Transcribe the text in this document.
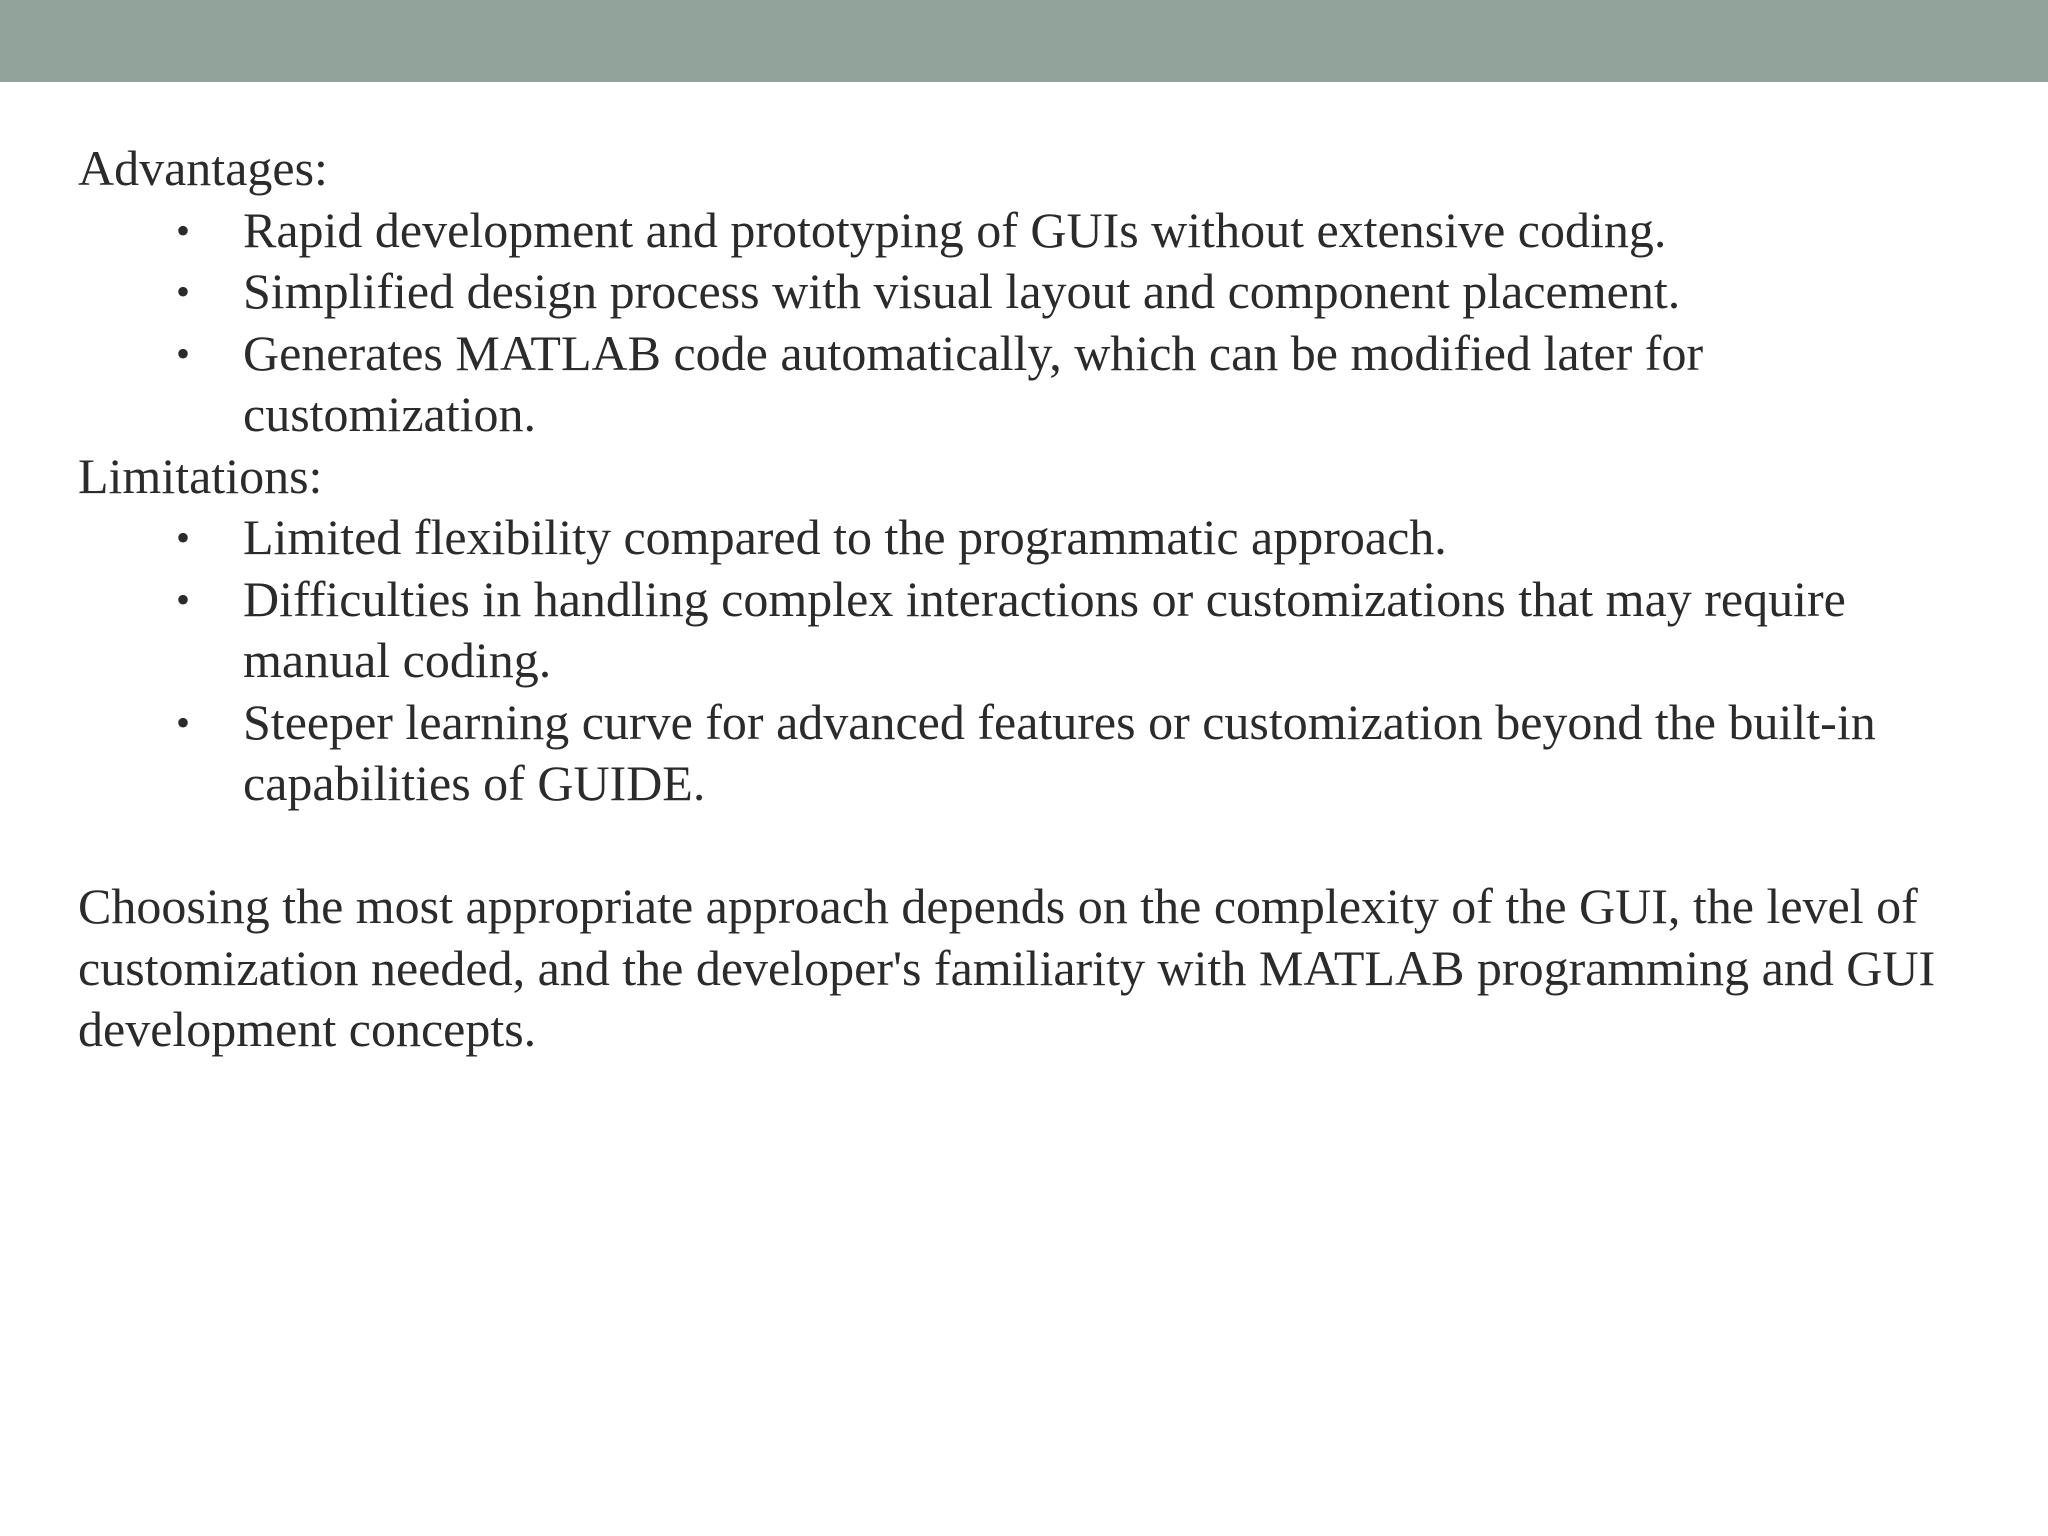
Advantages:

• Rapid development and prototyping of GUIs without extensive coding.
• Simplified design process with visual layout and component placement.
• Generates MATLAB code automatically, which can be modified later for customization.

Limitations:

• Limited flexibility compared to the programmatic approach.
• Difficulties in handling complex interactions or customizations that may require manual coding.
• Steeper learning curve for advanced features or customization beyond the built-in capabilities of GUIDE.

Choosing the most appropriate approach depends on the complexity of the GUI, the level of customization needed, and the developer's familiarity with MATLAB programming and GUI development concepts.
